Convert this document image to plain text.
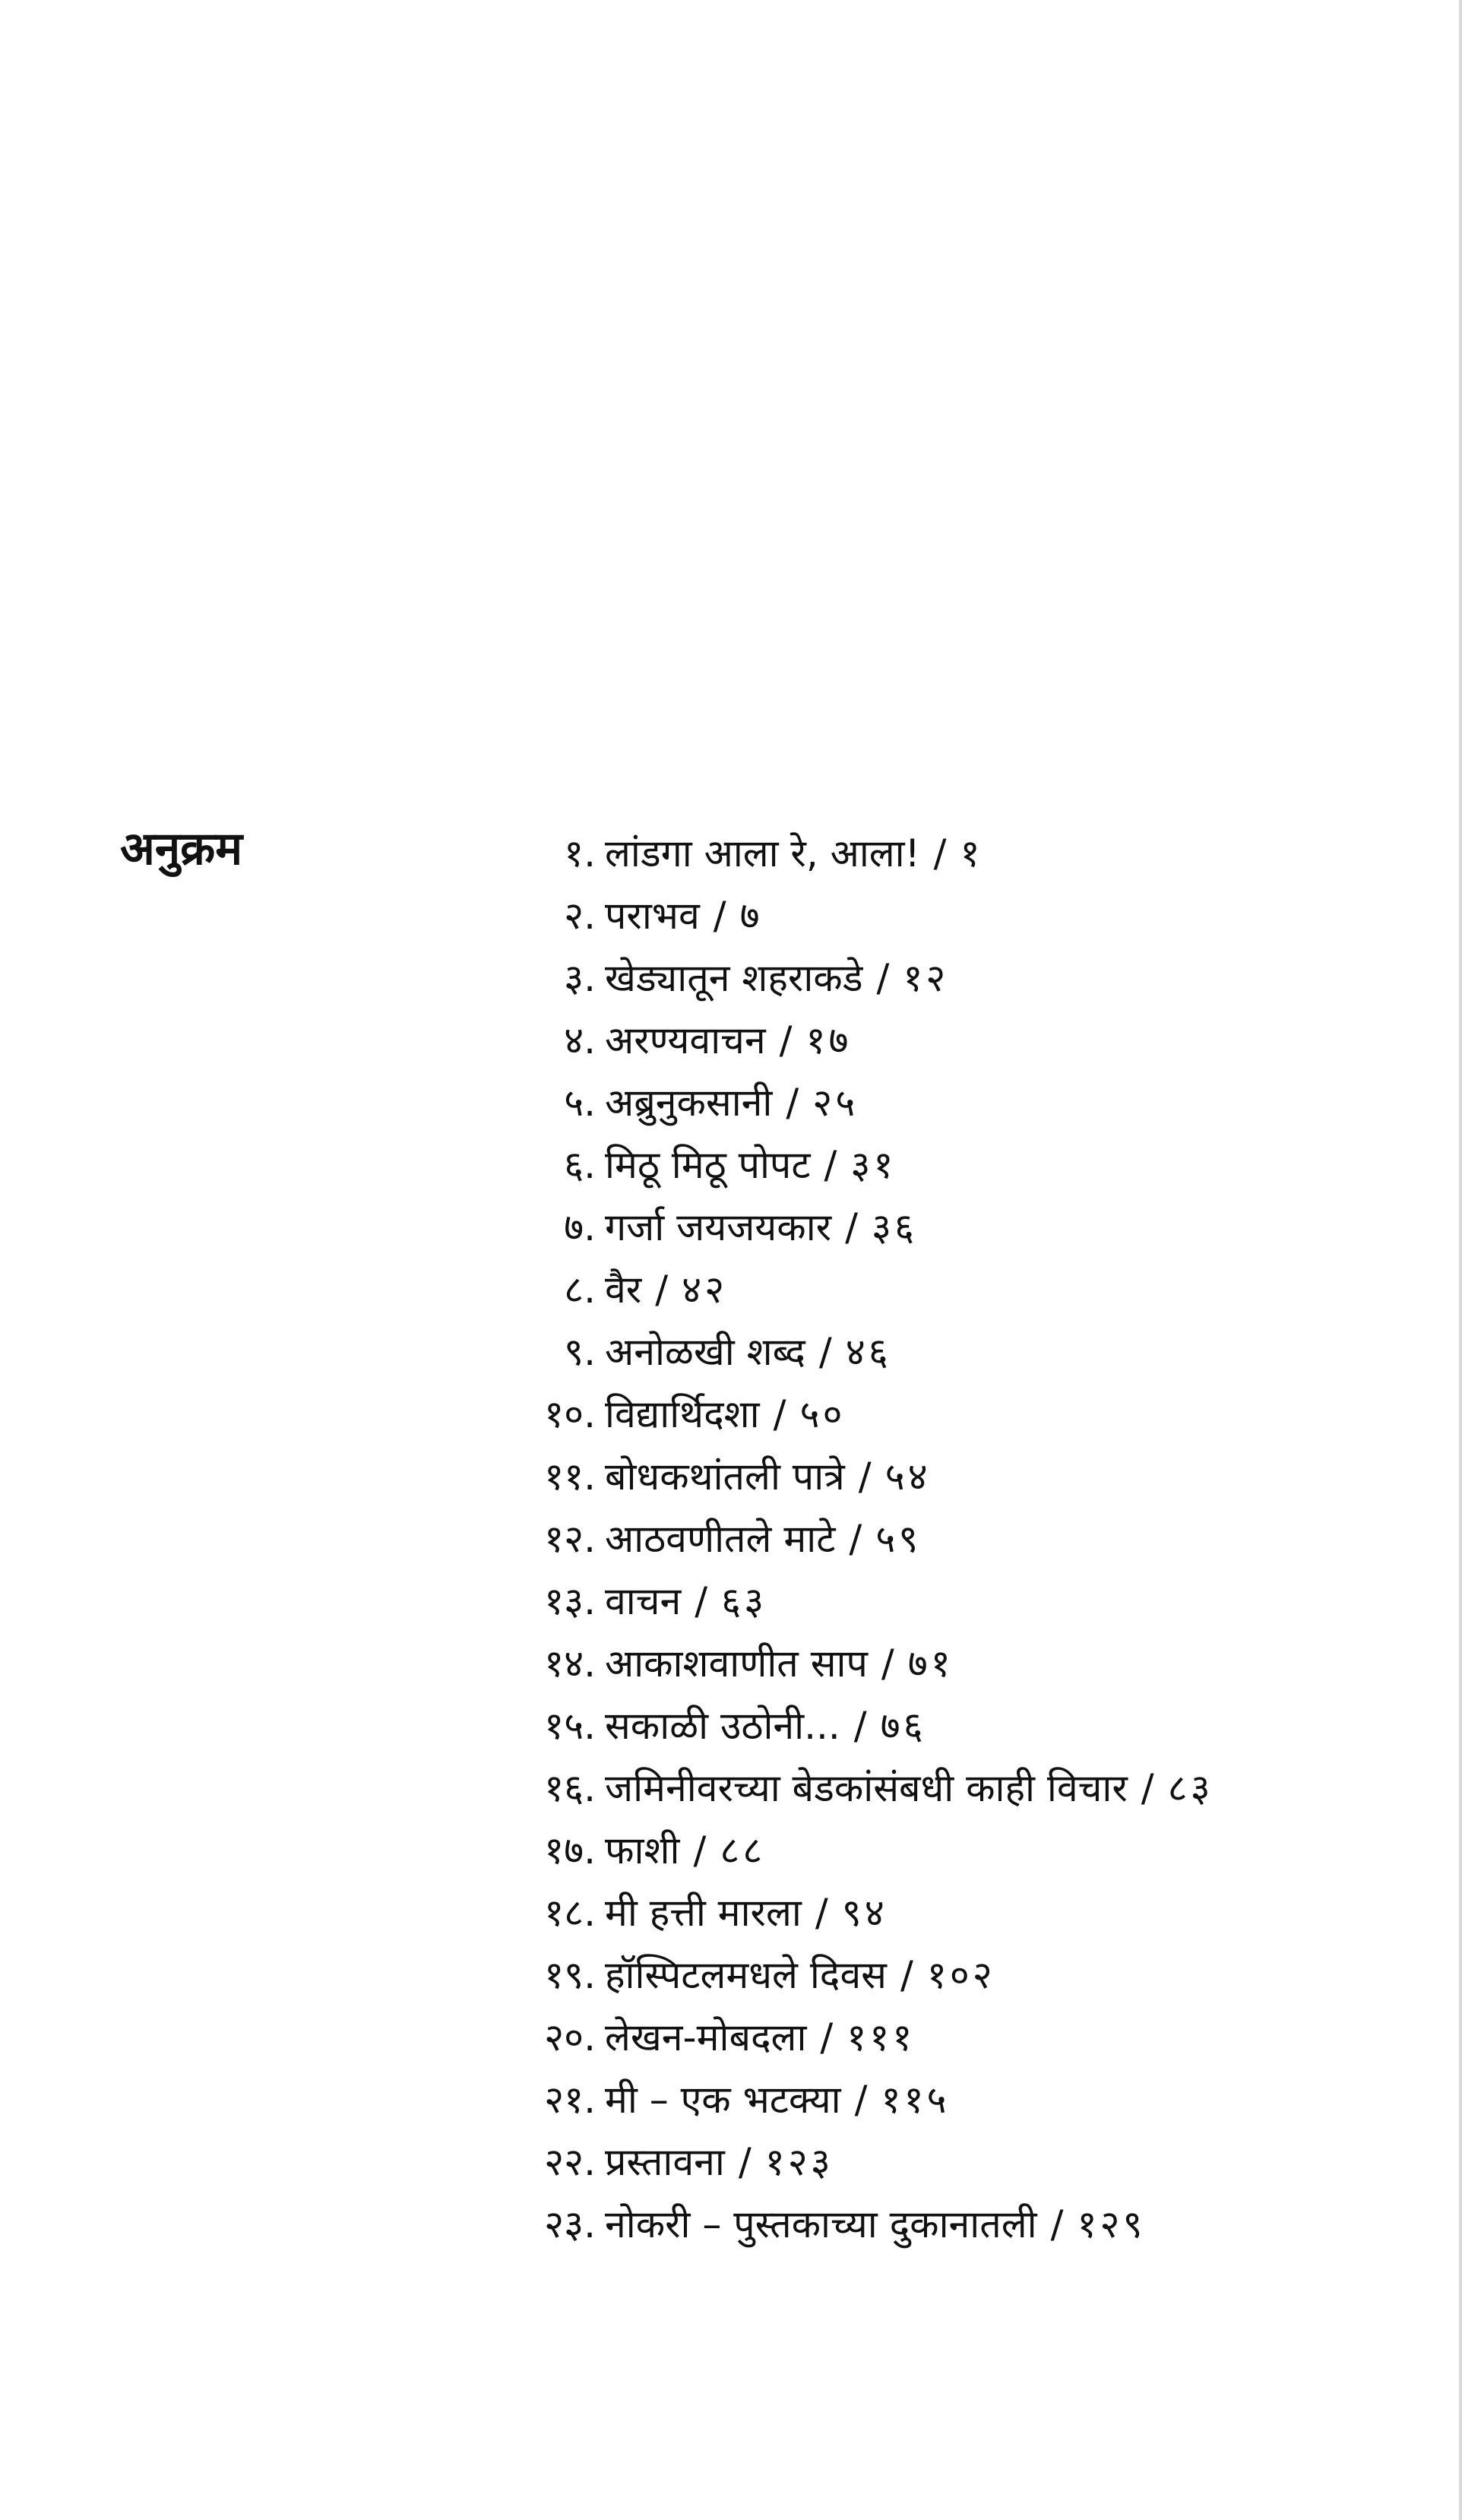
अनुक्रम	१. लांडगा आला रे, आला! / १
२. पराभव / ७
३. खेड्यातून शहराकडे / १२
४. अरण्यवाचन / १७
५. अब्रुनुकसानी / २५
६. मिठू मिठू पोपट / ३१
७. गर्जा जयजयकार / ३६
८. वैर / ४२
९. अनोळखी शब्द / ४६
१०. विद्यार्थिदशा / ५०
११. बोधकथांतली पात्रे / ५४
१२. आठवणीतले माटे / ५९
१३. वाचन / ६३
१४. आकाशवाणीत साप / ७१
१५. सकाळी उठोनी... / ७६
१६. जमिनीवरच्या बेडकांसंबधी काही विचार / ८३
१७. फाशी / ८८
१८. मी हत्ती मारला / ९४
१९. हॉस्पिटलमधले दिवस / १०२
२०. लेखन-मोबदला / १११
२१. मी – एक भटक्या / ११५
२२. प्रस्तावना / १२३
२३. नोकरी – पुस्तकाच्या दुकानातली / १२९
